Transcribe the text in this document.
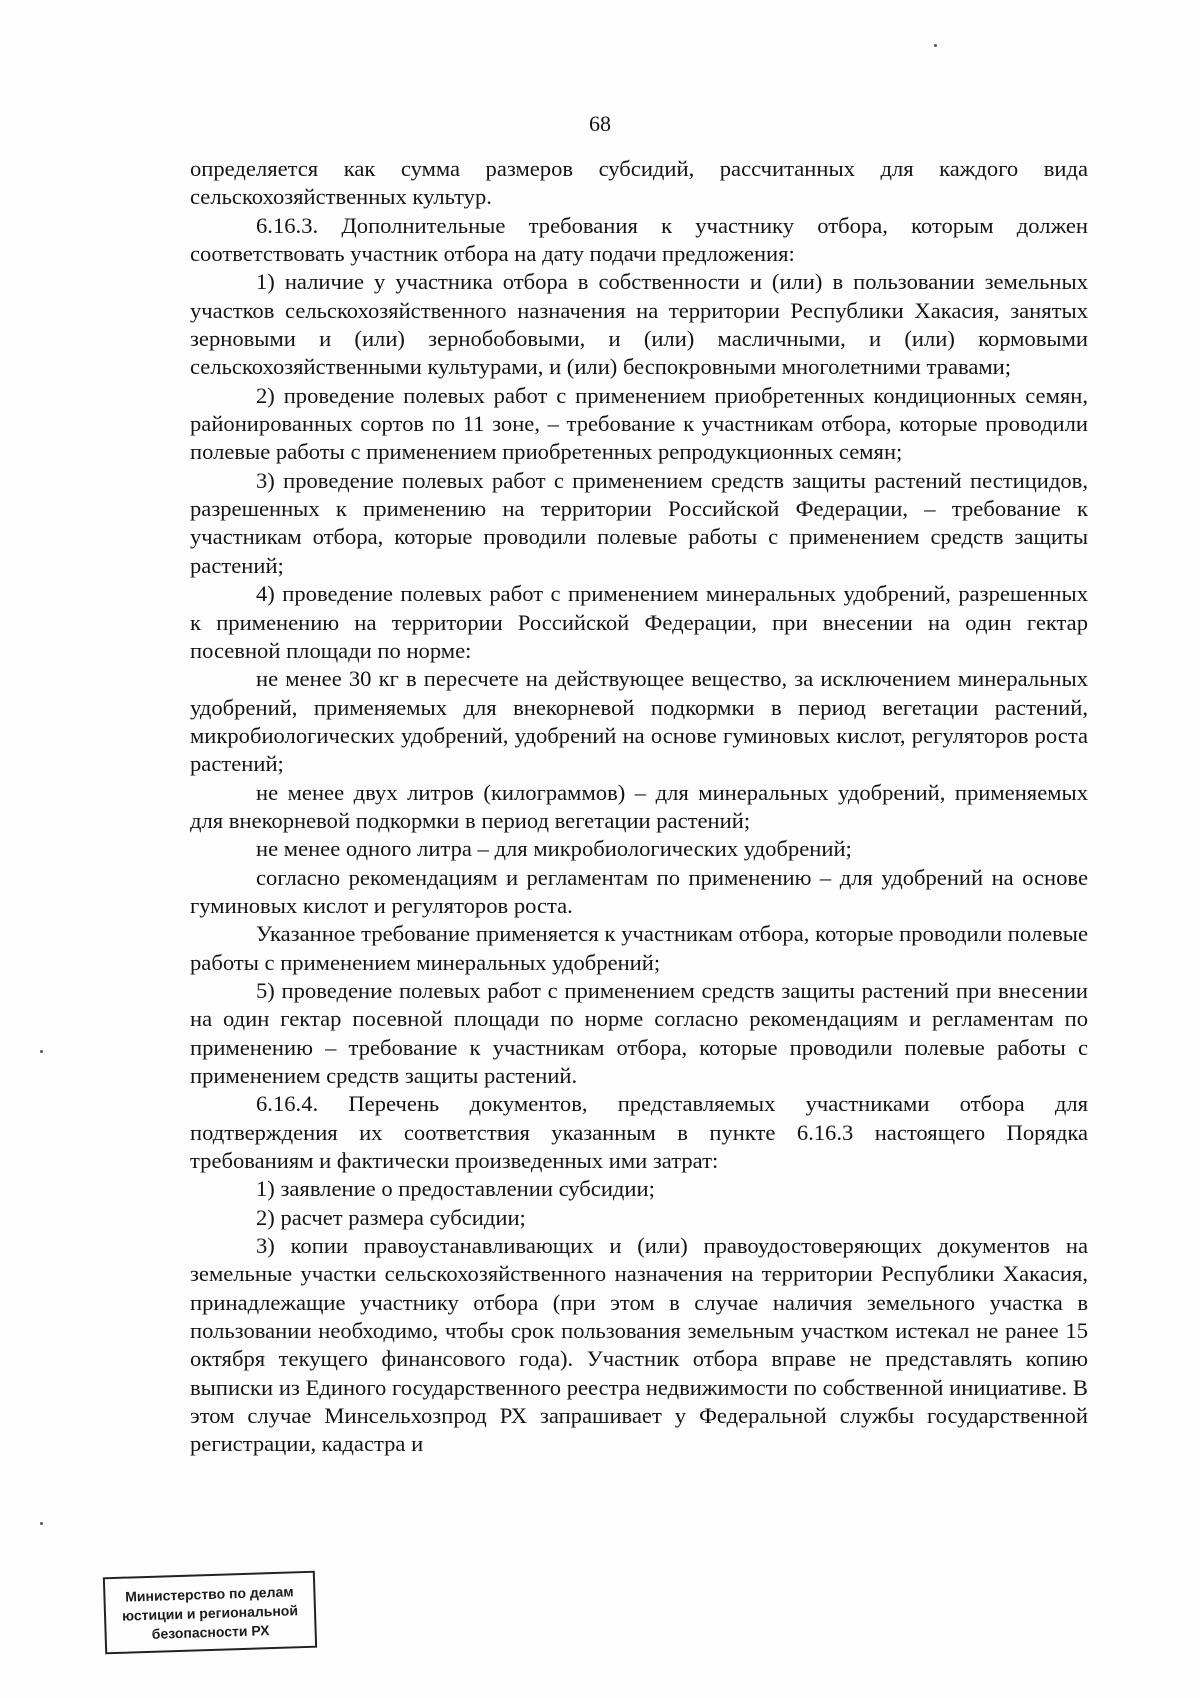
68

определяется как сумма размеров субсидий, рассчитанных для каждого вида сельскохозяйственных культур.

6.16.3. Дополнительные требования к участнику отбора, которым должен соответствовать участник отбора на дату подачи предложения:

1) наличие у участника отбора в собственности и (или) в пользовании земельных участков сельскохозяйственного назначения на территории Республики Хакасия, занятых зерновыми и (или) зернобобовыми, и (или) масличными, и (или) кормовыми сельскохозяйственными культурами, и (или) беспокровными многолетними травами;

2) проведение полевых работ с применением приобретенных кондиционных семян, районированных сортов по 11 зоне, – требование к участникам отбора, которые проводили полевые работы с применением приобретенных репродукционных семян;

3) проведение полевых работ с применением средств защиты растений пестицидов, разрешенных к применению на территории Российской Федерации, – требование к участникам отбора, которые проводили полевые работы с применением средств защиты растений;

4) проведение полевых работ с применением минеральных удобрений, разрешенных к применению на территории Российской Федерации, при внесении на один гектар посевной площади по норме:

не менее 30 кг в пересчете на действующее вещество, за исключением минеральных удобрений, применяемых для внекорневой подкормки в период вегетации растений, микробиологических удобрений, удобрений на основе гуминовых кислот, регуляторов роста растений;

не менее двух литров (килограммов) – для минеральных удобрений, применяемых для внекорневой подкормки в период вегетации растений;

не менее одного литра – для микробиологических удобрений;

согласно рекомендациям и регламентам по применению – для удобрений на основе гуминовых кислот и регуляторов роста.

Указанное требование применяется к участникам отбора, которые проводили полевые работы с применением минеральных удобрений;

5) проведение полевых работ с применением средств защиты растений при внесении на один гектар посевной площади по норме согласно рекомендациям и регламентам по применению – требование к участникам отбора, которые проводили полевые работы с применением средств защиты растений.

6.16.4. Перечень документов, представляемых участниками отбора для подтверждения их соответствия указанным в пункте 6.16.3 настоящего Порядка требованиям и фактически произведенных ими затрат:

1) заявление о предоставлении субсидии;

2) расчет размера субсидии;

3) копии правоустанавливающих и (или) правоудостоверяющих документов на земельные участки сельскохозяйственного назначения на территории Республики Хакасия, принадлежащие участнику отбора (при этом в случае наличия земельного участка в пользовании необходимо, чтобы срок пользования земельным участком истекал не ранее 15 октября текущего финансового года). Участник отбора вправе не представлять копию выписки из Единого государственного реестра недвижимости по собственной инициативе. В этом случае Минсельхозпрод РХ запрашивает у Федеральной службы государственной регистрации, кадастра и

Министерство по делам
юстиции и региональной
безопасности РХ
